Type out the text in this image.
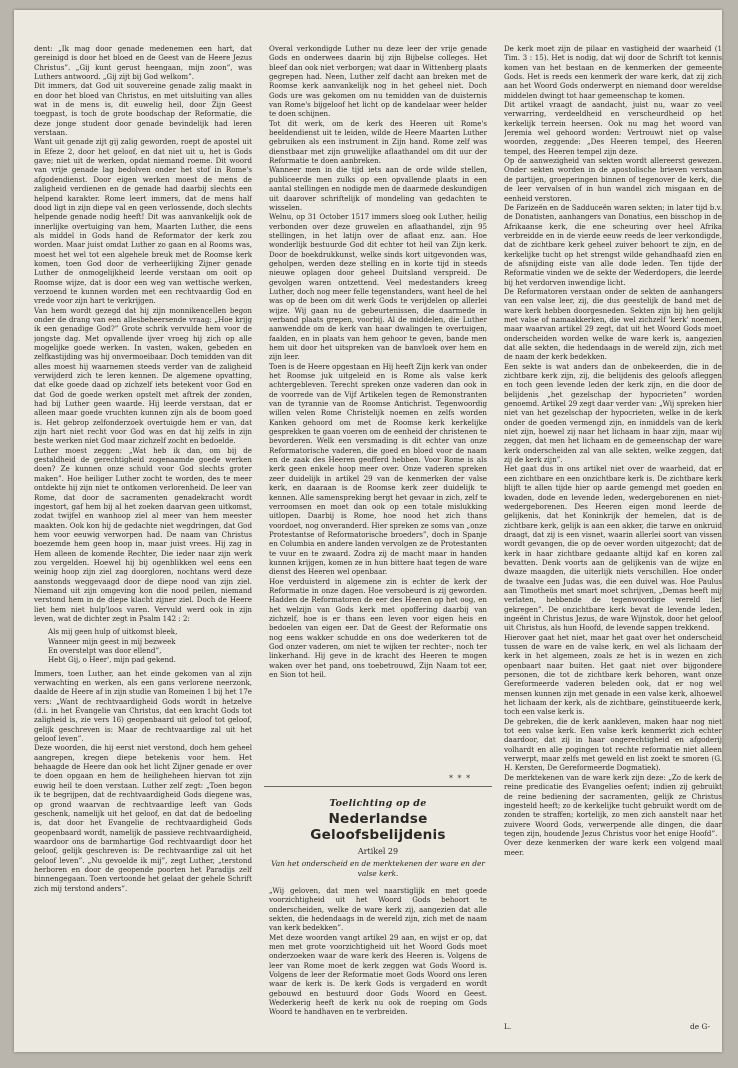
dent: „Ik mag door genade medenemen een hart, dat gereinigd is door het bloed en de Geest van de Heere Jezus Christus”. „Gij kunt gerust heengaan, mijn zoon”, was Luthers antwoord. „Gij zijt bij God welkom”.

Dit immers, dat God uit souvereine genade zalig maakt in en door het bloed van Christus, en met uitsluiting van alles wat in de mens is, dit euwelig heil, door Zijn Geest toegpast, is toch de grote boodschap der Reformatie, die deze jonge student door genade bevindelijk had leren verstaan.

Want uit genade zijt gij zalig geworden, roept de apostel uit in Efeze 2, door het geloof, en dat niet uit u, het is Gods gave; niet uit de werken, opdat niemand roeme. Dit woord van vrije genade lag bedolven onder het stof in Rome's afgodendienst. Door eigen werken moest de mens de zaligheid verdienen en de genade had daarbij slechts een helpend karakter. Rome leert immers, dat de mens half dood ligt in zijn diepe val en geen verlossende, doch slechts helpende genade nodig heeft! Dit was aanvankelijk ook de innerlijke overtuiging van hem, Maarten Luther, die eens als middel in Gods hand de Reformator der kerk zou worden. Maar juist omdat Luther zo gaan en al Rooms was, moest het wel tot een algehele breuk met de Roomse kerk komen, toen God door de verheerlijking Zijner genade Luther de onmogelijkheid leerde verstaan om ooit op Roomse wijze, dat is door een weg van wettische werken, verzoend te kunnen worden met een rechtvaardig God en vrede voor zijn hart te verkrijgen.

Van hem wordt gezegd dat hij zijn monnikencellen begon onder de drang van een allesbeheersende vraag: „Hoe krijg ik een genadige God?” Grote schrik vervulde hem voor de jongste dag. Met opvallende ijver vroeg hij zich op alle mogelijke goede werken. In vasten, waken, gebeden en zelfkastijding was hij onvermoeibaar. Doch temidden van dit alles moest hij waarnemen steeds verder van de zaligheid verwijderd zich te leren kennen. De algemene opvatting, dat elke goede daad op zichzelf iets betekent voor God en dat God de goede werken opstelt met aftrek der zonden, had bij Luther geen waarde. Hij leerde verstaan, dat er alleen maar goede vruchten kunnen zijn als de boom goed is. Het gebrop zelfonderzoek overtuigde hem er van, dat zijn hart niet recht voor God was en dat hij zelfs in zijn beste werken niet God maar zichzelf zocht en bedoelde.

Luther moest zeggen: „Wat heb ik dan, om bij de gestaldheid de gerechtigheid zogenaamde goede werken doen? Ze kunnen onze schuld voor God slechts groter maken”. Hoe heiliger Luther zocht te worden, des te meer ontdekte hij zijn niet te ontkomen verlorenheid. De leer van Rome, dat door de sacramenten genadekracht wordt ingestort, gaf hem bij al het zoeken daarvan geen uitkomst, zodat twijfel en wanhoop ziel al meer van hem meester maakten. Ook kon hij de gedachte niet wegdringen, dat God hem voor eeuwig verworpen had. De naam van Christus boezemde hem geen hoop in, maar juist vrees. Hij zag in Hem alleen de komende Rechter, Die ieder naar zijn werk zou vergelden. Hoewel hij bij ogenblikken wel eens een weinig hoop zijn ziel zag doorgloren, nochtans werd deze aanstonds weggevaagd door de diepe nood van zijn ziel. Niemand uit zijn omgeving kon die nood peilen, niemand verstond hem in de diepe klacht zijner ziel. Doch de Heere liet hem niet hulp'loos varen. Vervuld werd ook in zijn leven, wat de dichter zegt in Psalm 142 : 2:

Als mij geen hulp of uitkomst bleek,
Wanneer mijn geest in mij bezweek
En overstelpt was door ellend”,
Hebt Gij, o Heer', mijn pad gekend.

Immers, toen Luther, aan het einde gekomen van al zijn verwachting en werken, als een gans verlorene neerzonk, daalde de Heere af in zijn studie van Romeinen 1 bij het 17e vers: „Want de rechtvaardigheid Gods wordt in hetzelve (d.i. in het Evangelie van Christus, dat een kracht Gods tot zaligheid is, zie vers 16) geopenbaard uit geloof tot geloof, gelijk geschreven is: Maar de rechtvaardige zal uit het geloof leven”.

Deze woorden, die hij eerst niet verstond, doch hem geheel aangrepen, kregen diepe betekenis voor hem. Het behaagde de Heere dan ook het licht Zijner genade er over te doen opgaan en hem de heiligheheen hiervan tot zijn euwig heil te doen verstaan. Luther zelf zegt: „Toen begon ik te begrijpen, dat de rechtvaardigheid Gods diegene was, op grond waarvan de rechtvaardige leeft van Gods geschenk, namelijk uit het geloof, en dat dat de bedoeling is, dat door het Evangelie de rechtvaardigheid Gods geopenbaard wordt, namelijk de passieve rechtvaardigheid, waardoor ons de barmhartige God rechtvaardigt door het geloof, gelijk geschreven is: De rechtvaardige zal uit het geloof leven”. „Nu gevoelde ik mij”, zegt Luther, „terstond herboren en door de geopende poorten het Paradijs zelf binnengegaan. Toen vertoonde het gelaat der gehele Schrift zich mij terstond anders”.

Overal verkondigde Luther nu deze leer der vrije genade Gods en onderwees daarin bij zijn Bijbelse colleges. Het bleef dan ook niet verborgen; wat daar in Wittenberg plaats gegrepen had. Neen, Luther zelf dacht aan breken met de Roomse kerk aanvankelijk nog in het geheel niet. Doch Gods ure was gekomen om nu temidden van de duisternis van Rome's bijgeloof het licht op de kandelaar weer helder te doen schijnen.

Tot dit werk, om de kerk des Heeren uit Rome's beeldendienst uit te leiden, wilde de Heere Maarten Luther gebruiken als een instrument in Zijn hand. Rome zelf was dienstbaar met zijn gruwelijke aflaathandel om dit uur der Reformatie te doen aanbreken.

Wanneer men in die tijd iets aan de orde wilde stellen, publiceerde men zulks op een opvallende plaats in een aantal stellingen en nodigde men de daarmede deskundigen uit daarover schriftelijk of mondeling van gedachten te wisselen.

Welnu, op 31 October 1517 immers sloeg ook Luther, heilig verbonden over deze gruwelen en aflaathandel, zijn 95 stellingen, in het latijn over de aflaat enz. aan. Hoe wonderlijk bestuurde God dit echter tot heil van Zijn kerk. Door de boekdrukkunst, welke sinds kort uitgevonden was, geholpen, werden deze stelling en in korte tijd in steeds nieuwe oplagen door geheel Duitsland verspreid. De gevolgen waren ontzettend. Veel medestanders kreeg Luther, doch nog meer felle tegenstanders, want heel de hel was op de been om dit werk Gods te verijdelen op allerlei wijze. Wij gaan nu de gebeurtenissen, die daarmede in verband plaats grepen, voorbij. Al de middelen, die Luther aanwendde om de kerk van haar dwalingen te overtuigen, faalden, en in plaats van hem gehoor te geven, bande men hem uit door het uitspreken van de banvloek over hem en zijn leer.

Toen is de Heere opgestaan en Hij heeft Zijn kerk van onder het Roomse juk uitgeleid en is Rome als valse kerk achtergebleven. Terecht spreken onze vaderen dan ook in de voorrede van de Vijf Artikelen tegen de Remonstranten van de tyrannie van de Roomse Antichrist. Tegenwoordig willen velen Rome Christelijk noemen en zelfs worden Kanken gehoord om met de Roomse kerk kerkelijke gesprekken te gaan voeren om de eenheid der christenen te bevorderen. Welk een versmading is dit echter van onze Reformatorische vaderen, die goed en bloed voor de naam en de zaak des Heeren geofferd hebben. Voor Rome is als kerk geen enkele hoop meer over. Onze vaderen spreken zeer duidelijk in artikel 29 van de kenmerken der valse kerk, en daaraan is de Roomse kerk zeer duidelijk te kennen. Alle samenspreking bergt het gevaar in zich, zelf te verroomsen en moet dan ook op een totale mislukking uitlopen. Daarbij is Rome, hoe nood het zich thans voordoet, nog onveranderd. Hier spreken ze soms van „onze Protestantse of Reformatorische broeders”, doch in Spanje en Columbia en andere landen vervolgen ze de Protestanten te vuur en te zwaard. Zodra zij de macht maar in handen kunnen krijgen, komen ze in hun bittere haat tegen de ware dienst des Heeren wel openbaar.

Hoe verduisterd in algemene zin is echter de kerk der Reformatie in onze dagen. Hoe versobeurd is zij geworden. Hadden de Reformatoren de eer des Heeren op het oog, en het welzijn van Gods kerk met opoffering daarbij van zichzelf, hoe is er thans een leven voor eigen heis en bedoelen van eigen eer. Dat de Geest der Reformatie ons nog eens wakker schudde en ons doe wederkeren tot de God onzer vaderen, om niet te wijken ter rechter-, noch ter linkerhand. Hij geve in de kracht des Heeren te mogen waken over het pand, ons toebetrouwd, Zijn Naam tot eer, en Sion tot heil.

* * *
Toelichting op de
Nederlandse Geloofsbelijdenis
Artikel 29
Van het onderscheid en de merktekenen der ware en der valse kerk.

„Wij geloven, dat men wel naarstiglijk en met goede voorzichtigheid uit het Woord Gods behoort te onderscheiden, welke de ware kerk zij, aangezien dat alle sekten, die hedendaags in de wereld zijn, zich met de naam van kerk bedekken”.

Met deze woorden vangt artikel 29 aan, en wijst er op, dat men met grote voorzichtigheid uit het Woord Gods moet onderzoeken waar de ware kerk des Heeren is. Volgens de leer van Rome moet de kerk zeggen wat Gods Woord is. Volgens de leer der Reformatie moet Gods Woord ons leren waar de kerk is. De kerk Gods is vergaderd en wordt gebouwd en bestuurd door Gods Woord en Geest. Wederkerig heeft de kerk nu ook de roeping om Gods Woord te handhaven en te verbreiden.

De kerk moet zijn de pilaar en vastigheid der waarheid (1 Tim. 3 : 15). Het is nodig, dat wij door de Schrift tot kennis komen van het bestaan en de kenmerken der gemeente Gods. Het is reeds een kenmerk der ware kerk, dat zij zich aan het Woord Gods onderwerpt en niemand door wereldse middelen dwingt tot haar gemeenschap te komen.

Dit artikel vraagt de aandacht, juist nu, waar zo veel verwarring, verdeeldheid en verscheurdheid op het kerkelijk terrein heersen. Ook nu mag het woord van Jeremia wel gehoord worden: Vertrouwt niet op valse woorden, zeggende: „Des Heeren tempel, des Heeren tempel, des Heeren tempel zijn deze.

Op de aanwezigheid van sekten wordt allereerst gewezen. Onder sekten worden in de apostolische brieven verstaan de partijen, groeperingen binnen of tegenover de kerk, die de leer vervalsen of in hun wandel zich misgaan en de eenheid verstoren.

De Farizeën en de Sadduceën waren sekten; in later tijd b.v. de Donatisten, aanhangers van Donatius, een bisschop in de Afrikaanse kerk, die ene scheuring over heel Afrika verbreidde en in de vierde eeuw reeds de leer verkondigde, dat de zichtbare kerk geheel zuiver behoort te zijn, en de kerkelijke tucht op het strengst wilde gehandhaafd zien en de afsnijding eiste van alle dode leden. Ten tijde der Reformatie vinden we de sekte der Wederdopers, die leerde bij het verdorven inwendige licht.

De Reformatoren verstaan onder de sekten de aanhangers van een valse leer, zij, die dus geestelijk de band met de ware kerk hebben doorgesneden. Sekten zijn bij hen gelijk met valse of namaakkerken, die wel zichzelf 'kerk' noemen, maar waarvan artikel 29 zegt, dat uit het Woord Gods moet onderscheiden worden welke de ware kerk is, aangezien dat alle sekten, die hedendaags in de wereld zijn, zich met de naam der kerk bedekken.

Een sekte is wat anders dan de onbekeerden, die in de zichtbare kerk zijn, zij, die belijdenis des geloofs afleggen en toch geen levende leden der kerk zijn, en die door de belijdenis „het gezelschap der hypocrieten” worden genoemd. Artikel 29 zegt daar verder van: „Wij spreken hier niet van het gezelschap der hypocrieten, welke in de kerk onder de goeden vermengd zijn, en inmiddels van de kerk niet zijn, hoewel zij naar het lichaam in haar zijn, maar wij zeggen, dat men het lichaam en de gemeenschap der ware kerk onderscheiden zal van alle sekten, welke zeggen, dat zij de kerk zijn”.

Het gaat dus in ons artikel niet over de waarheid, dat er een zichtbare en een onzichtbare kerk is. De zichtbare kerk blijft te allen tijde hier op aarde gemengd met goeden en kwaden, dode en levende leden, wedergeborenen en niet-wedergeborenen. Des Heeren eigen mond leerde de gelijkenis, dat het Koninkrijk der hemelen, dat is de zichtbare kerk, gelijk is aan een akker, die tarwe en onkruid draagt, dat zij is een visnet, waarin allerlei soort van vissen wordt gevangen, die op de oever worden uitgezocht; dat de kerk in haar zichtbare gedaante altijd kaf en koren zal bevatten. Denk voorts aan de gelijkenis van de wijze en dwaze maagden, die uiterlijk niets verschillen. Hoe onder de twaalve een Judas was, die een duivel was. Hoe Paulus aan Timotheüs met smart moet schrijven, „Demas heeft mij verlaten, hebbende de tegenwoordige wereld lief gekregen”. De onzichtbare kerk bevat de levende leden, ingeënt in Christus Jezus, de ware Wijnstok, door het geloof uit Christus, als hun Hoofd, de levende sappen trekkend.

Hierover gaat het niet, maar het gaat over het onderscheid tussen de ware en de valse kerk, en wel als lichaam der kerk in het algemeen, zoals ze het is in wezen en zich openbaart naar buiten. Het gaat niet over bijgondere personen, die tot de zichtbare kerk behoren, want onze Gereformeerde vaderen beleden ook, dat er nog wel mensen kunnen zijn met genade in een valse kerk, alhoewel het lichaam der kerk, als de zichtbare, geïnstitueerde kerk, toch een valse kerk is.

De gebreken, die de kerk aankleven, maken haar nog niet tot een valse kerk. Een valse kerk kenmerkt zich echter daardoor, dat zij in haar ongerechtigheid en afgoderij volhardt en alle pogingen tot rechte reformatie niet alleen verwerpt, maar zelfs met geweld en list zoekt te smoren (G. H. Kersten, De Gereformeerde Dogmatiek).

De merktekenen van de ware kerk zijn deze: „Zo de kerk de reine predicatie des Evangelies oefent; indien zij gebruikt de reine bediening der sacramenten, gelijk ze Christus ingesteld heeft; zo de kerkelijke tucht gebruikt wordt om de zonden te straffen; kortelijk, zo men zich aanstelt naar het zuivere Woord Gods, verwerpende alle dingen, die daar tegen zijn, houdende Jezus Christus voor het enige Hoofd”.

Over deze kenmerken der ware kerk een volgend maal meer.

L.	de G-
